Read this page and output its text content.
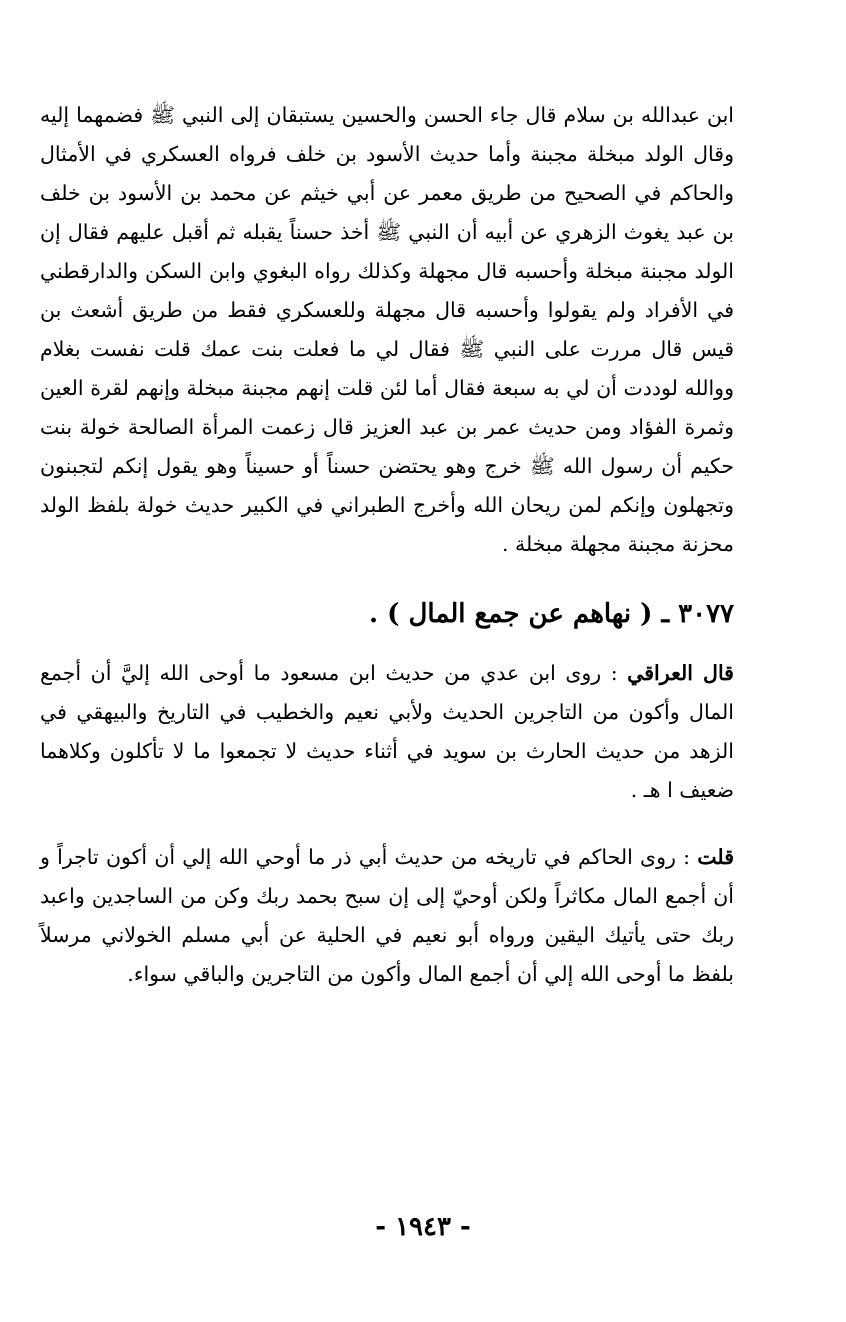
ابن عبدالله بن سلام قال جاء الحسن والحسين يستبقان إلى النبي ﷺ فضمهما إليه وقال الولد مبخلة مجبنة وأما حديث الأسود بن خلف فرواه العسكري في الأمثال والحاكم في الصحيح من طريق معمر عن أبي خيثم عن محمد بن الأسود بن خلف بن عبد يغوث الزهري عن أبيه أن النبي ﷺ أخذ حسناً يقبله ثم أقبل عليهم فقال إن الولد مجبنة مبخلة وأحسبه قال مجهلة وكذلك رواه البغوي وابن السكن والدارقطني في الأفراد ولم يقولوا وأحسبه قال مجهلة وللعسكري فقط من طريق أشعث بن قيس قال مررت على النبي ﷺ فقال لي ما فعلت بنت عمك قلت نفست بغلام ووالله لوددت أن لي به سبعة فقال أما لئن قلت إنهم مجبنة مبخلة وإنهم لقرة العين وثمرة الفؤاد ومن حديث عمر بن عبد العزيز قال زعمت المرأة الصالحة خولة بنت حكيم أن رسول الله ﷺ خرج وهو يحتضن حسناً أو حسيناً وهو يقول إنكم لتجبنون وتجهلون وإنكم لمن ريحان الله وأخرج الطبراني في الكبير حديث خولة بلفظ الولد محزنة مجبنة مجهلة مبخلة .

٣٠٧٧ ـ ( نهاهم عن جمع المال ) .

قال العراقي : روى ابن عدي من حديث ابن مسعود ما أوحى الله إليَّ أن أجمع المال وأكون من التاجرين الحديث ولأبي نعيم والخطيب في التاريخ والبيهقي في الزهد من حديث الحارث بن سويد في أثناء حديث لا تجمعوا ما لا تأكلون وكلاهما ضعيف ا هـ .

قلت : روى الحاكم في تاريخه من حديث أبي ذر ما أوحي الله إلي أن أكون تاجراً و أن أجمع المال مكاثراً ولكن أوحيّ إلى إن سبح بحمد ربك وكن من الساجدين واعبد ربك حتى يأتيك اليقين ورواه أبو نعيم في الحلية عن أبي مسلم الخولاني مرسلاً بلفظ ما أوحى الله إلي أن أجمع المال وأكون من التاجرين والباقي سواء.

- ١٩٤٣ -
